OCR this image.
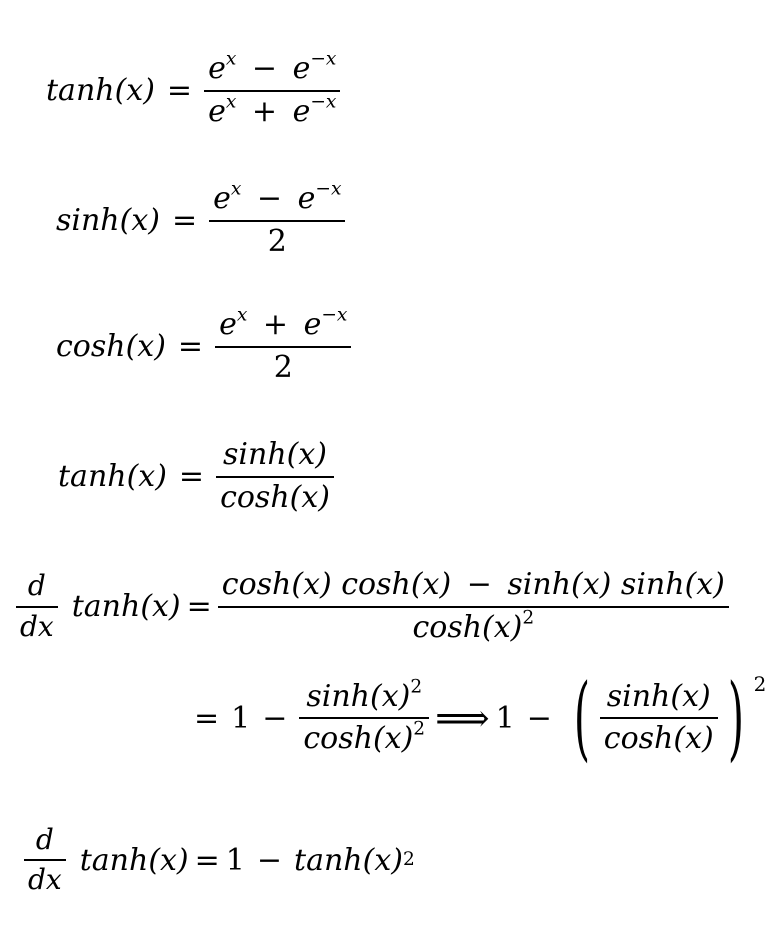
$\tanh (x) = \frac{e^x - e^{-x}}{e^x + e^{-x}}$
$\sinh (x) = \frac{e^x - e^{-x}}{2}$
$\cosh (x) = \frac{e^x + e^{-x}}{2}$
$\tanh (x) = \frac{\sinh(x)}{\cosh(x)}$
$\frac{d}{dx}$ $\tanh (x) = \frac{\cosh(x) \cosh(x) - \sinh(x) \sinh(x)}{\cosh(x)^2}$
= $1 - \frac{\sinh(x)^2}{\cosh(x)^2}$ ⟹ 1 − ( $\frac{\sinh(x)}{\cosh(x)}$ ) 2
$\frac{d}{dx}$ tanh (x) = 1 − tanh (x) 2
